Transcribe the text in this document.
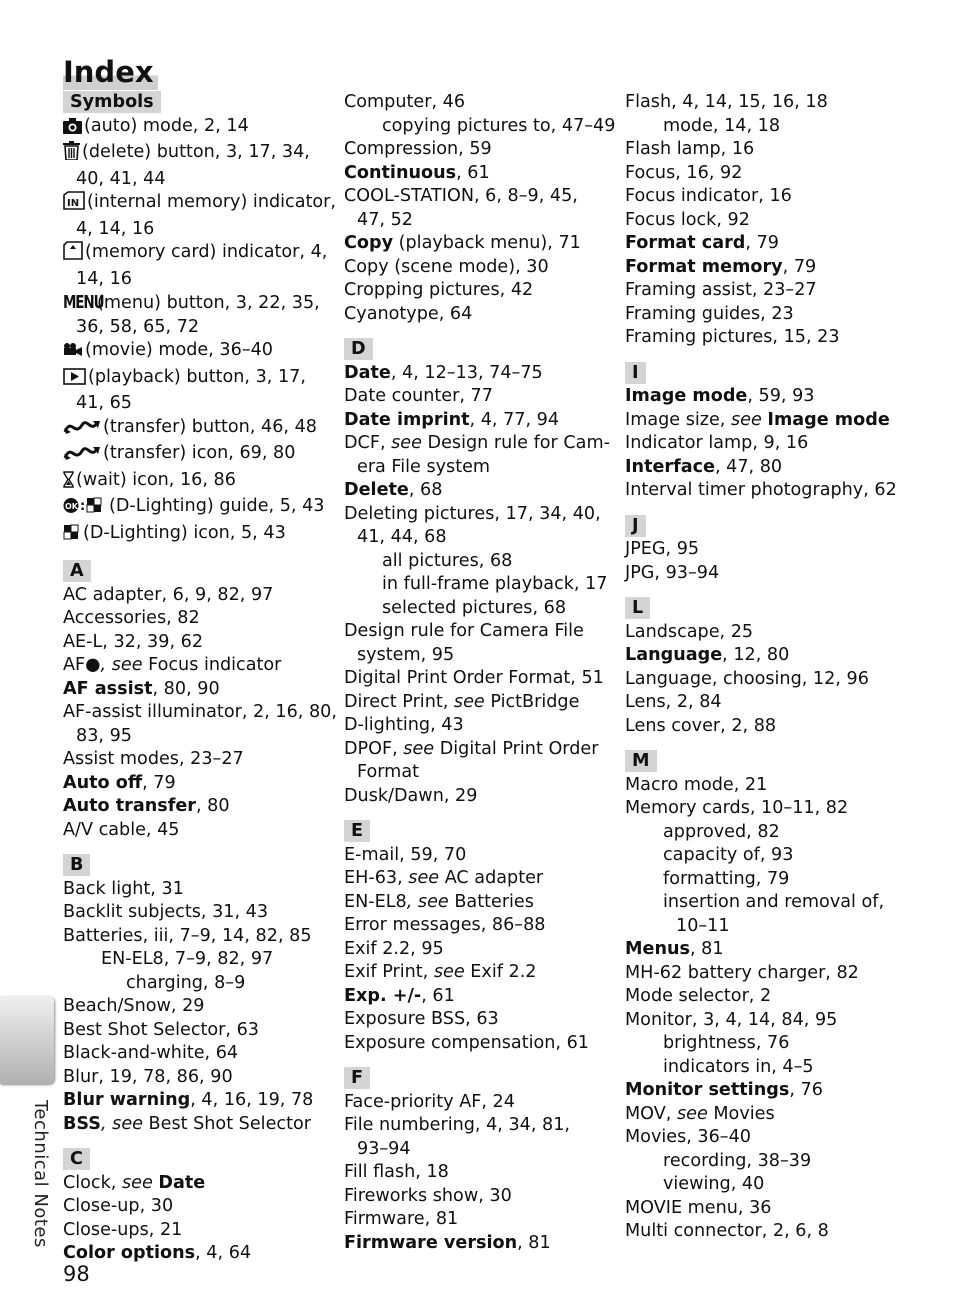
Index
Symbols
(auto) mode, 2, 14
(delete) button, 3, 17, 34,
40, 41, 44
IN (internal memory) indicator,
4, 14, 16
(memory card) indicator, 4,
14, 16
MENU(menu) button, 3, 22, 35,
36, 58, 65, 72
(movie) mode, 36–40
(playback) button, 3, 17,
41, 65
(transfer) button, 46, 48
(transfer) icon, 69, 80
(wait) icon, 16, 86
OK : (D-Lighting) guide, 5, 43
(D-Lighting) icon, 5, 43
A
AC adapter, 6, 9, 82, 97
Accessories, 82
AE-L, 32, 39, 62
AF●, see Focus indicator
AF assist, 80, 90
AF-assist illuminator, 2, 16, 80,
83, 95
Assist modes, 23–27
Auto off, 79
Auto transfer, 80
A/V cable, 45
B
Back light, 31
Backlit subjects, 31, 43
Batteries, iii, 7–9, 14, 82, 85
EN-EL8, 7–9, 82, 97
charging, 8–9
Beach/Snow, 29
Best Shot Selector, 63
Black-and-white, 64
Blur, 19, 78, 86, 90
Blur warning, 4, 16, 19, 78
BSS, see Best Shot Selector
C
Clock, see Date
Close-up, 30
Close-ups, 21
Color options, 4, 64
Computer, 46
copying pictures to, 47–49
Compression, 59
Continuous, 61
COOL-STATION, 6, 8–9, 45,
47, 52
Copy (playback menu), 71
Copy (scene mode), 30
Cropping pictures, 42
Cyanotype, 64
D
Date, 4, 12–13, 74–75
Date counter, 77
Date imprint, 4, 77, 94
DCF, see Design rule for Cam-
era File system
Delete, 68
Deleting pictures, 17, 34, 40,
41, 44, 68
all pictures, 68
in full-frame playback, 17
selected pictures, 68
Design rule for Camera File
system, 95
Digital Print Order Format, 51
Direct Print, see PictBridge
D-lighting, 43
DPOF, see Digital Print Order
Format
Dusk/Dawn, 29
E
E-mail, 59, 70
EH-63, see AC adapter
EN-EL8, see Batteries
Error messages, 86–88
Exif 2.2, 95
Exif Print, see Exif 2.2
Exp. +/-, 61
Exposure BSS, 63
Exposure compensation, 61
F
Face-priority AF, 24
File numbering, 4, 34, 81,
93–94
Fill flash, 18
Fireworks show, 30
Firmware, 81
Firmware version, 81
Flash, 4, 14, 15, 16, 18
mode, 14, 18
Flash lamp, 16
Focus, 16, 92
Focus indicator, 16
Focus lock, 92
Format card, 79
Format memory, 79
Framing assist, 23–27
Framing guides, 23
Framing pictures, 15, 23
I
Image mode, 59, 93
Image size, see Image mode
Indicator lamp, 9, 16
Interface, 47, 80
Interval timer photography, 62
J
JPEG, 95
JPG, 93–94
L
Landscape, 25
Language, 12, 80
Language, choosing, 12, 96
Lens, 2, 84
Lens cover, 2, 88
M
Macro mode, 21
Memory cards, 10–11, 82
approved, 82
capacity of, 93
formatting, 79
insertion and removal of,
10–11
Menus, 81
MH-62 battery charger, 82
Mode selector, 2
Monitor, 3, 4, 14, 84, 95
brightness, 76
indicators in, 4–5
Monitor settings, 76
MOV, see Movies
Movies, 36–40
recording, 38–39
viewing, 40
MOVIE menu, 36
Multi connector, 2, 6, 8
Technical Notes
98
